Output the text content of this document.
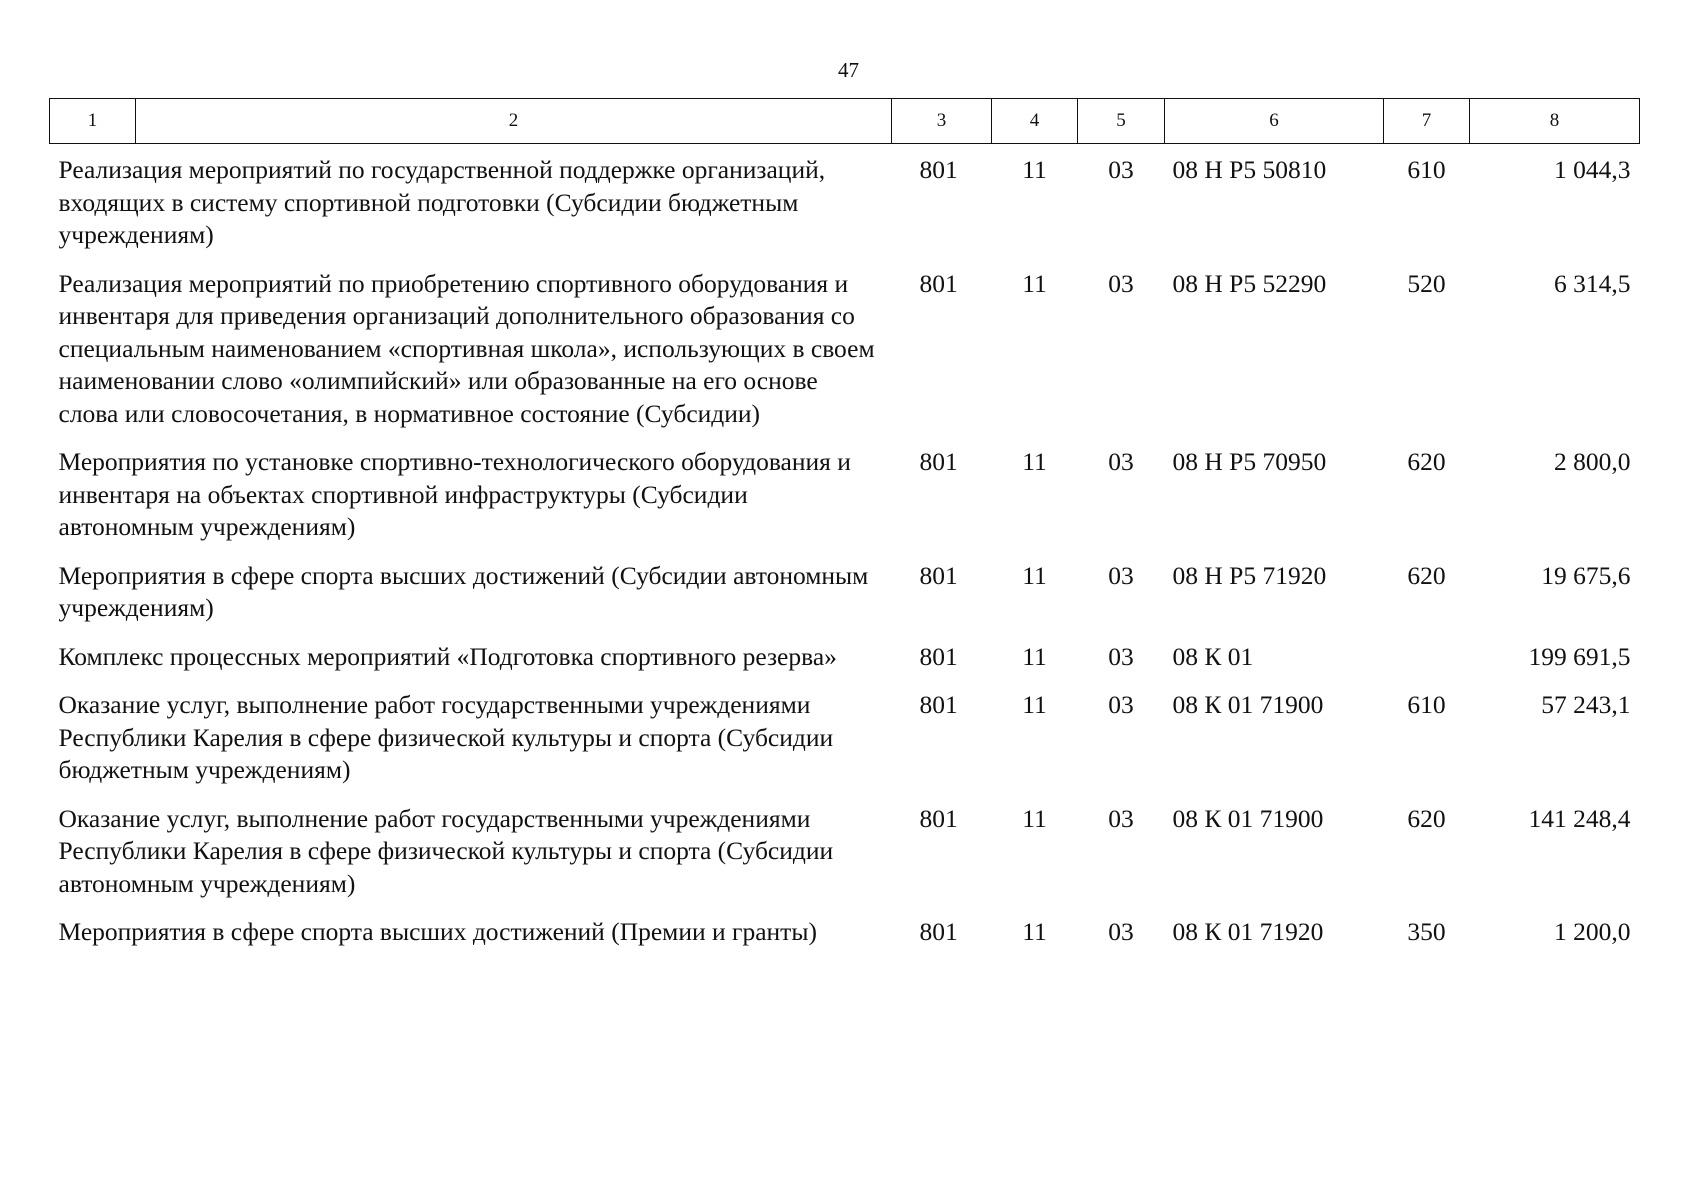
47
1	2	3	4	5	6	7	8
Реализация мероприятий по государственной поддержке организаций, входящих в систему спортивной подготовки (Субсидии бюджетным учреждениям)		801	11	03	08 Н Р5 50810	610	1 044,3
Реализация мероприятий по приобретению спортивного оборудования и инвентаря для приведения организаций дополнительного образования со специальным наименованием «спортивная школа», использующих в своем наименовании слово «олимпийский» или образованные на его основе слова или словосочетания, в нормативное состояние (Субсидии)		801	11	03	08 Н Р5 52290	520	6 314,5
Мероприятия по установке спортивно-технологического оборудования и инвентаря на объектах спортивной инфраструктуры (Субсидии автономным учреждениям)		801	11	03	08 Н Р5 70950	620	2 800,0
Мероприятия в сфере спорта высших достижений (Субсидии автономным учреждениям)		801	11	03	08 Н Р5 71920	620	19 675,6
Комплекс процессных мероприятий «Подготовка спортивного резерва»		801	11	03	08 К 01		199 691,5
Оказание услуг, выполнение работ государственными учреждениями Республики Карелия в сфере физической культуры и спорта (Субсидии бюджетным учреждениям)		801	11	03	08 К 01 71900	610	57 243,1
Оказание услуг, выполнение работ государственными учреждениями Республики Карелия в сфере физической культуры и спорта (Субсидии автономным учреждениям)		801	11	03	08 К 01 71900	620	141 248,4
Мероприятия в сфере спорта высших достижений (Премии и гранты)		801	11	03	08 К 01 71920	350	1 200,0
